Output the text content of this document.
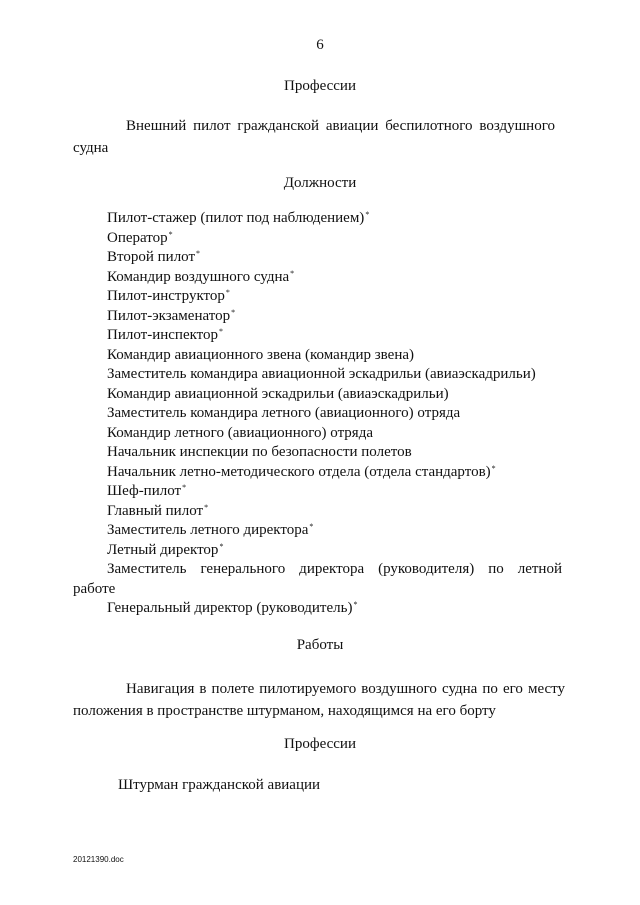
6
Профессии
Внешний пилот гражданской авиации беспилотного воздушного
судна
Должности
Пилот-стажер (пилот под наблюдением)*
Оператор*
Второй пилот*
Командир воздушного судна*
Пилот-инструктор*
Пилот-экзаменатор*
Пилот-инспектор*
Командир авиационного звена (командир звена)
Заместитель командира авиационной эскадрильи (авиаэскадрильи)
Командир авиационной эскадрильи (авиаэскадрильи)
Заместитель командира летного (авиационного) отряда
Командир летного (авиационного) отряда
Начальник инспекции по безопасности полетов
Начальник летно-методического отдела (отдела стандартов)*
Шеф-пилот*
Главный пилот*
Заместитель летного директора*
Летный директор*
Заместитель генерального директора (руководителя) по летной
работе
Генеральный директор (руководитель)*
Работы
Навигация в полете пилотируемого воздушного судна по его месту
положения в пространстве штурманом, находящимся на его борту
Профессии
Штурман гражданской авиации
20121390.doc
